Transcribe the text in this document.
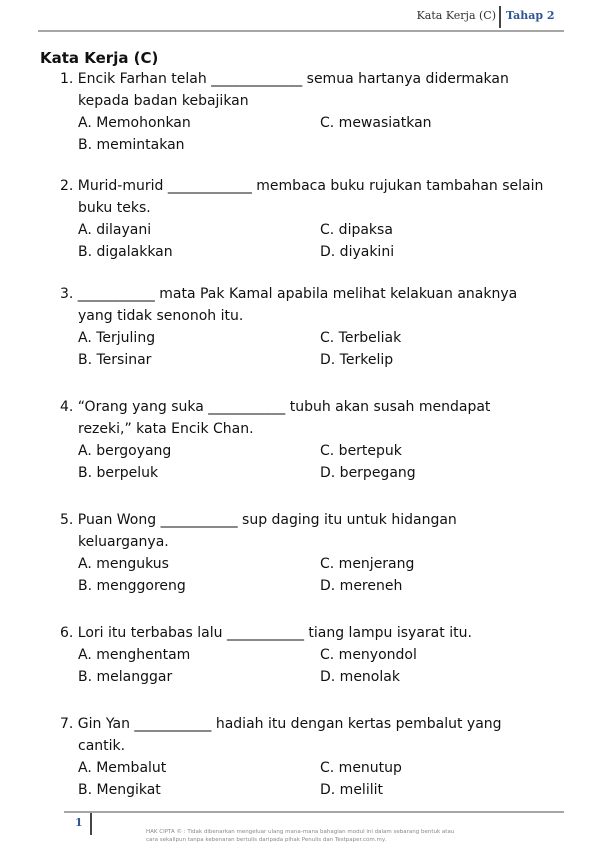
Kata Kerja (C) Tahap 2
Kata Kerja (C)
1. Encik Farhan telah _____________ semua hartanya didermakan
kepada badan kebajikan
A. Memohonkan	C. mewasiatkan
B. memintakan
2. Murid-murid ____________ membaca buku rujukan tambahan selain
buku teks.
A. dilayani	C. dipaksa
B. digalakkan	D. diyakini
3. ___________ mata Pak Kamal apabila melihat kelakuan anaknya
yang tidak senonoh itu.
A. Terjuling	C. Terbeliak
B. Tersinar	D. Terkelip
4. “Orang yang suka ___________ tubuh akan susah mendapat
rezeki,” kata Encik Chan.
A. bergoyang	C. bertepuk
B. berpeluk	D. berpegang
5. Puan Wong ___________ sup daging itu untuk hidangan
keluarganya.
A. mengukus	C. menjerang
B. menggoreng	D. mereneh
6. Lori itu terbabas lalu ___________ tiang lampu isyarat itu.
A. menghentam	C. menyondol
B. melanggar	D. menolak
7. Gin Yan ___________ hadiah itu dengan kertas pembalut yang
cantik.
A. Membalut	C. menutup
B. Mengikat	D. melilit
1
HAK CIPTA © : Tidak dibenarkan mengeluar ulang mana-mana bahagian modul ini dalam sebarang bentuk atau cara sekalipun tanpa kebenaran bertulis daripada pihak Penulis dan Testpaper.com.my.
